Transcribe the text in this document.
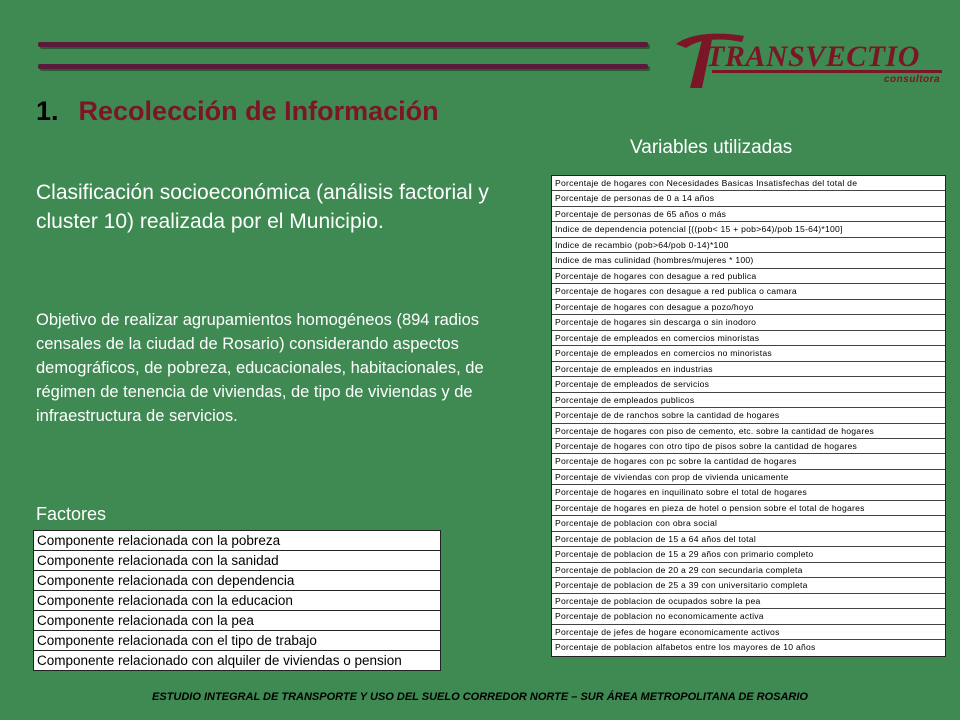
TRANSVECTIO
consultora
1. Recolección de Información
Variables utilizadas
Clasificación socioeconómica (análisis factorial y cluster 10) realizada por el Municipio.
Objetivo de realizar agrupamientos homogéneos (894 radios censales de la ciudad de Rosario) considerando aspectos demográficos, de pobreza, educacionales, habitacionales, de régimen de tenencia de viviendas, de tipo de viviendas y de infraestructura de servicios.
Factores
Componente relacionada con la pobreza
Componente relacionada con la sanidad
Componente relacionada con dependencia
Componente relacionada con la educacion
Componente relacionada con la pea
Componente relacionada con el tipo de trabajo
Componente relacionado con alquiler de viviendas o pension
Porcentaje de hogares con Necesidades Basicas Insatisfechas del total de
Porcentaje de personas de 0 a 14 años
Porcentaje de personas de 65 años o más
Indice de dependencia potencial [((pob< 15 + pob>64)/pob 15-64)*100]
Indice de recambio (pob>64/pob 0-14)*100
Indice de mas culinidad (hombres/mujeres * 100)
Porcentaje de hogares con desague a red publica
Porcentaje de hogares con desague a red publica o camara
Porcentaje de hogares con desague a pozo/hoyo
Porcentaje de hogares sin descarga o sin inodoro
Porcentaje de empleados en comercios minoristas
Porcentaje de empleados en comercios no minoristas
Porcentaje de empleados en industrias
Porcentaje de empleados de servicios
Porcentaje de empleados publicos
Porcentaje de de ranchos sobre la cantidad de hogares
Porcentaje de hogares con piso de cemento, etc. sobre la cantidad de hogares
Porcentaje de hogares con otro tipo de pisos sobre la cantidad de hogares
Porcentaje de hogares con pc sobre la cantidad de hogares
Porcentaje de viviendas con prop de vivienda unicamente
Porcentaje de hogares en inquilinato sobre el total de hogares
Porcentaje de hogares en pieza de hotel o pension sobre el total de hogares
Porcentaje de poblacion con obra social
Porcentaje de poblacion de 15 a 64 años del total
Porcentaje de poblacion de 15 a 29 años con primario completo
Porcentaje de poblacion de 20 a 29 con secundaria completa
Porcentaje de poblacion de 25 a 39 con universitario completa
Porcentaje de poblacion de ocupados sobre la pea
Porcentaje de poblacion no economicamente activa
Porcentaje de jefes de hogare economicamente activos
Porcentaje de poblacion alfabetos entre los mayores de 10 años
ESTUDIO INTEGRAL DE TRANSPORTE Y USO DEL SUELO CORREDOR NORTE – SUR ÁREA METROPOLITANA DE ROSARIO
